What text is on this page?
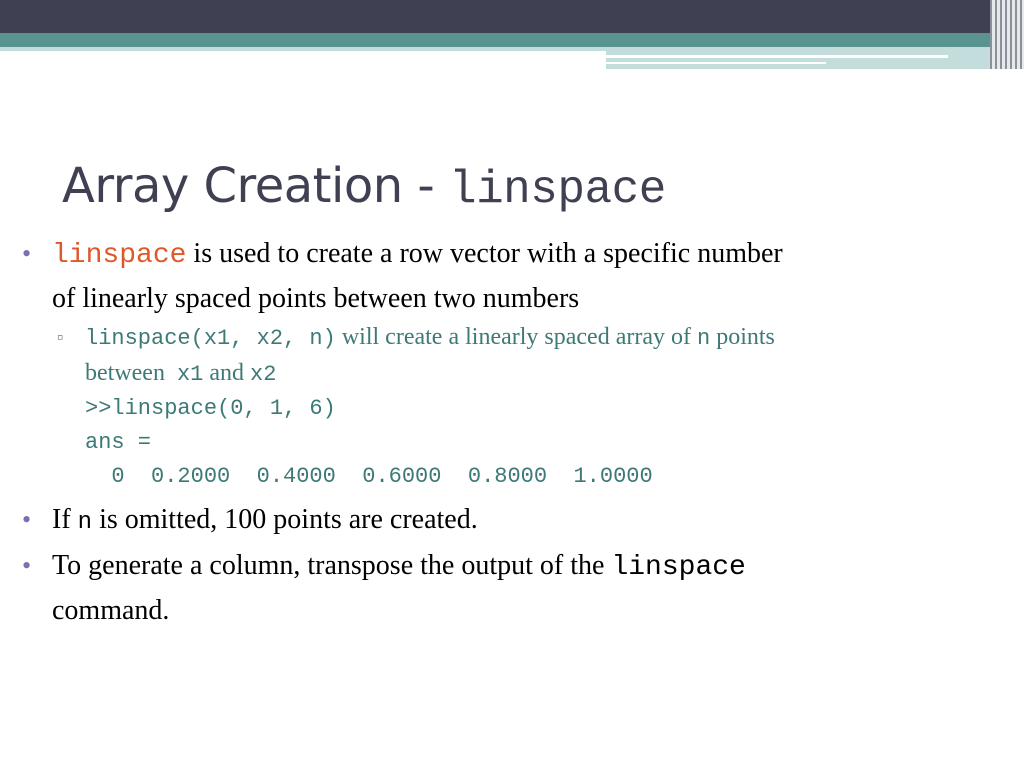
Array Creation - linspace
• linspace is used to create a row vector with a specific number
of linearly spaced points between two numbers
▫ linspace(x1, x2, n) will create a linearly spaced array of n points
between  x1 and x2
>>linspace(0, 1, 6)
ans =
0  0.2000  0.4000  0.6000  0.8000  1.0000
• If n is omitted, 100 points are created.
• To generate a column, transpose the output of the linspace
command.
